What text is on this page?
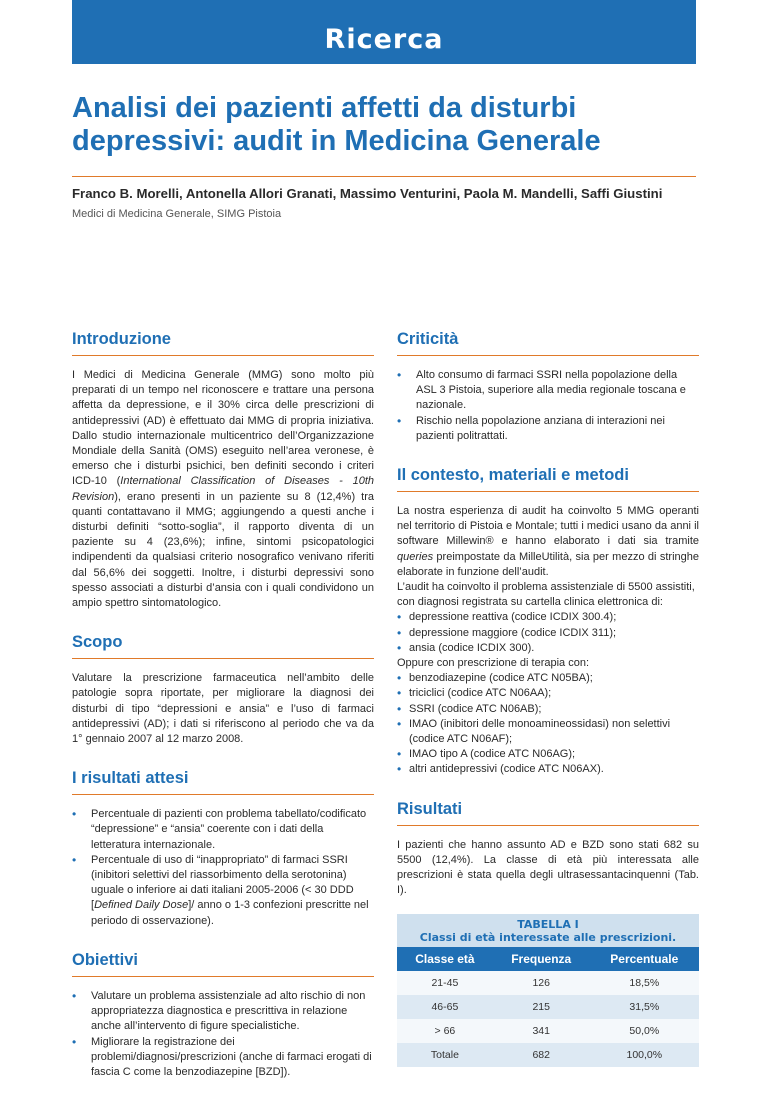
Ricerca
Analisi dei pazienti affetti da disturbi
depressivi: audit in Medicina Generale
Franco B. Morelli, Antonella Allori Granati, Massimo Venturini, Paola M. Mandelli, Saffi Giustini
Medici di Medicina Generale, SIMG Pistoia
Introduzione

I Medici di Medicina Generale (MMG) sono molto più preparati di un tempo nel riconoscere e trattare una persona affetta da depressione, e il 30% circa delle prescrizioni di antidepressivi (AD) è effettuato dai MMG di propria iniziativa. Dallo studio internazionale multicentrico dell’Organizzazione Mondiale della Sanità (OMS) eseguito nell’area veronese, è emerso che i disturbi psichici, ben definiti secondo i criteri ICD-10 (International Classification of Diseases - 10th Revision), erano presenti in un paziente su 8 (12,4%) tra quanti contattavano il MMG; aggiungendo a questi anche i disturbi definiti “sotto-soglia”, il rapporto diventa di un paziente su 4 (23,6%); infine, sintomi psicopatologici indipendenti da qualsiasi criterio nosografico venivano riferiti dal 56,6% dei soggetti. Inoltre, i disturbi depressivi sono spesso associati a disturbi d’ansia con i quali condividono un ampio spettro sintomatologico.

Scopo

Valutare la prescrizione farmaceutica nell’ambito delle patologie sopra riportate, per migliorare la diagnosi dei disturbi di tipo “depressioni e ansia” e l’uso di farmaci antidepressivi (AD); i dati si riferiscono al periodo che va da 1° gennaio 2007 al 12 marzo 2008.

I risultati attesi
• Percentuale di pazienti con problema tabellato/codificato “depressione” e “ansia” coerente con i dati della letteratura internazionale.
• Percentuale di uso di “inappropriato” di farmaci SSRI (inibitori selettivi del riassorbimento della serotonina) uguale o inferiore ai dati italiani 2005-2006 (< 30 DDD [Defined Daily Dose]/ anno o 1-3 confezioni prescritte nel periodo di osservazione).
Obiettivi
• Valutare un problema assistenziale ad alto rischio di non appropriatezza diagnostica e prescrittiva in relazione anche all’intervento di figure specialistiche.
• Migliorare la registrazione dei problemi/diagnosi/prescrizioni (anche di farmaci erogati di fascia C come la benzodiazepine [BZD]).
Criticità
• Alto consumo di farmaci SSRI nella popolazione della ASL 3 Pistoia, superiore alla media regionale toscana e nazionale.
• Rischio nella popolazione anziana di interazioni nei pazienti politrattati.
Il contesto, materiali e metodi

La nostra esperienza di audit ha coinvolto 5 MMG operanti nel territorio di Pistoia e Montale; tutti i medici usano da anni il software Millewin® e hanno elaborato i dati sia tramite queries preimpostate da MilleUtilità, sia per mezzo di stringhe elaborate in funzione dell’audit.

L’audit ha coinvolto il problema assistenziale di 5500 assistiti, con diagnosi registrata su cartella clinica elettronica di:

• depressione reattiva (codice ICDIX 300.4);
• depressione maggiore (codice ICDIX 311);
• ansia (codice ICDIX 300).

Oppure con prescrizione di terapia con:

• benzodiazepine (codice ATC N05BA);
• triciclici (codice ATC N06AA);
• SSRI (codice ATC N06AB);
• IMAO (inibitori delle monoamineossidasi) non selettivi (codice ATC N06AF);
• IMAO tipo A (codice ATC N06AG);
• altri antidepressivi (codice ATC N06AX).
Risultati

I pazienti che hanno assunto AD e BZD sono stati 682 su 5500 (12,4%). La classe di età più interessata alle prescrizioni è stata quella degli ultrasessantacinquenni (Tab. I).

TABELLA I
Classi di età interessate alle prescrizioni.
Classe età	Frequenza	Percentuale
21-45	126	18,5%
46-65	215	31,5%
> 66	341	50,0%
Totale	682	100,0%
